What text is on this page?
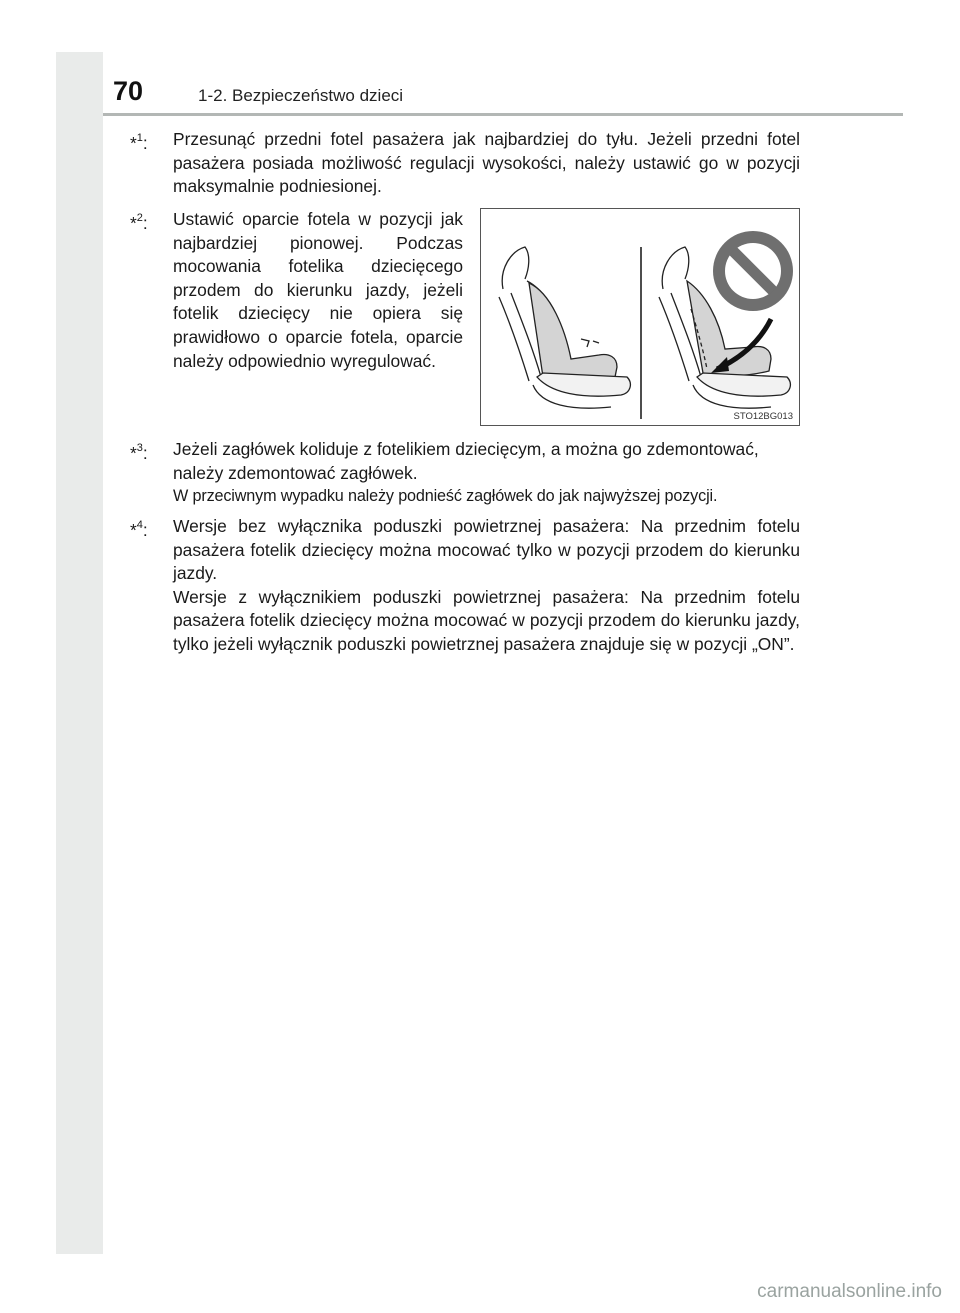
70	1-2. Bezpieczeństwo dzieci
*$^1$: Przesunąć przedni fotel pasażera jak najbardziej do tyłu. Jeżeli przedni fotel pasażera posiada możliwość regulacji wysokości, należy ustawić go w pozycji maksymalnie podniesionej.

*$^2$: Ustawić oparcie fotela w pozycji jak najbardziej pionowej. Podczas mocowania fotelika dziecięcego przodem do kierunku jazdy, jeżeli fotelik dziecięcy nie opiera się prawidłowo o oparcie fotela, oparcie należy odpowiednio wyregulować.

STO12BG013
*$^3$: Jeżeli zagłówek koliduje z fotelikiem dziecięcym, a można go zdemontować, należy zdemontować zagłówek.

W przeciwnym wypadku należy podnieść zagłówek do jak najwyższej pozycji.

*$^4$: Wersje bez wyłącznika poduszki powietrznej pasażera: Na przednim fotelu pasażera fotelik dziecięcy można mocować tylko w pozycji przodem do kierunku jazdy.

Wersje z wyłącznikiem poduszki powietrznej pasażera: Na przednim fotelu pasażera fotelik dziecięcy można mocować w pozycji przodem do kierunku jazdy, tylko jeżeli wyłącznik poduszki powietrznej pasażera znajduje się w pozycji „ON”.

carmanualsonline.info
